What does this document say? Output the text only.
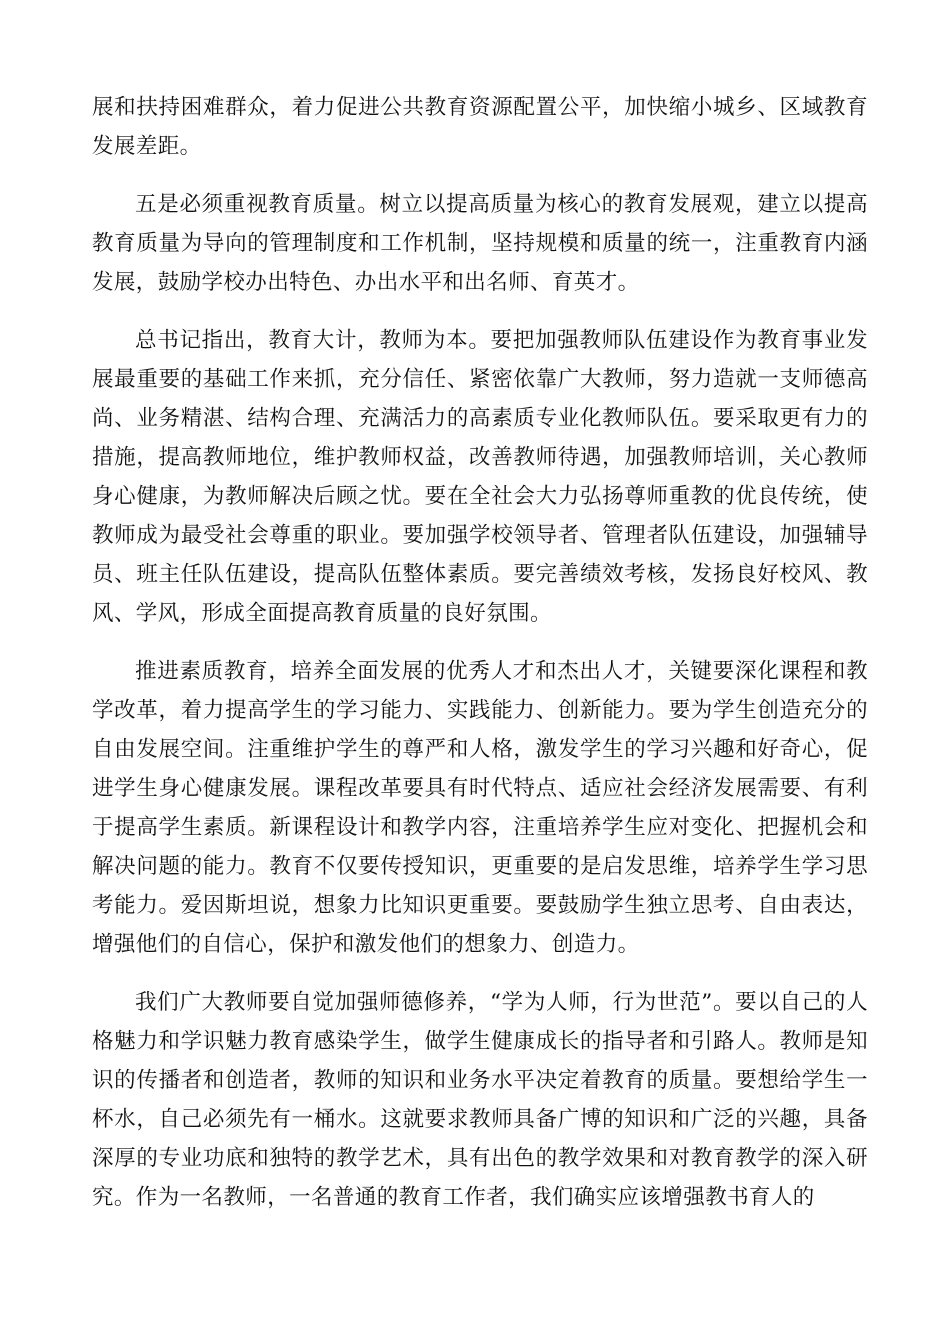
展和扶持困难群众，着力促进公共教育资源配置公平，加快缩小城乡、区域教育发展差距。

五是必须重视教育质量。树立以提高质量为核心的教育发展观，建立以提高教育质量为导向的管理制度和工作机制，坚持规模和质量的统一，注重教育内涵发展，鼓励学校办出特色、办出水平和出名师、育英才。

总书记指出，教育大计，教师为本。要把加强教师队伍建设作为教育事业发展最重要的基础工作来抓，充分信任、紧密依靠广大教师，努力造就一支师德高尚、业务精湛、结构合理、充满活力的高素质专业化教师队伍。要采取更有力的措施，提高教师地位，维护教师权益，改善教师待遇，加强教师培训，关心教师身心健康，为教师解决后顾之忧。要在全社会大力弘扬尊师重教的优良传统，使教师成为最受社会尊重的职业。要加强学校领导者、管理者队伍建设，加强辅导员、班主任队伍建设，提高队伍整体素质。要完善绩效考核，发扬良好校风、教风、学风，形成全面提高教育质量的良好氛围。

推进素质教育，培养全面发展的优秀人才和杰出人才，关键要深化课程和教学改革，着力提高学生的学习能力、实践能力、创新能力。要为学生创造充分的自由发展空间。注重维护学生的尊严和人格，激发学生的学习兴趣和好奇心，促进学生身心健康发展。课程改革要具有时代特点、适应社会经济发展需要、有利于提高学生素质。新课程设计和教学内容，注重培养学生应对变化、把握机会和解决问题的能力。教育不仅要传授知识，更重要的是启发思维，培养学生学习思考能力。爱因斯坦说，想象力比知识更重要。要鼓励学生独立思考、自由表达，增强他们的自信心，保护和激发他们的想象力、创造力。

我们广大教师要自觉加强师德修养，“学为人师，行为世范”。要以自己的人格魅力和学识魅力教育感染学生，做学生健康成长的指导者和引路人。教师是知识的传播者和创造者，教师的知识和业务水平决定着教育的质量。要想给学生一杯水，自己必须先有一桶水。这就要求教师具备广博的知识和广泛的兴趣，具备深厚的专业功底和独特的教学艺术，具有出色的教学效果和对教育教学的深入研究。作为一名教师，一名普通的教育工作者，我们确实应该增强教书育人的
